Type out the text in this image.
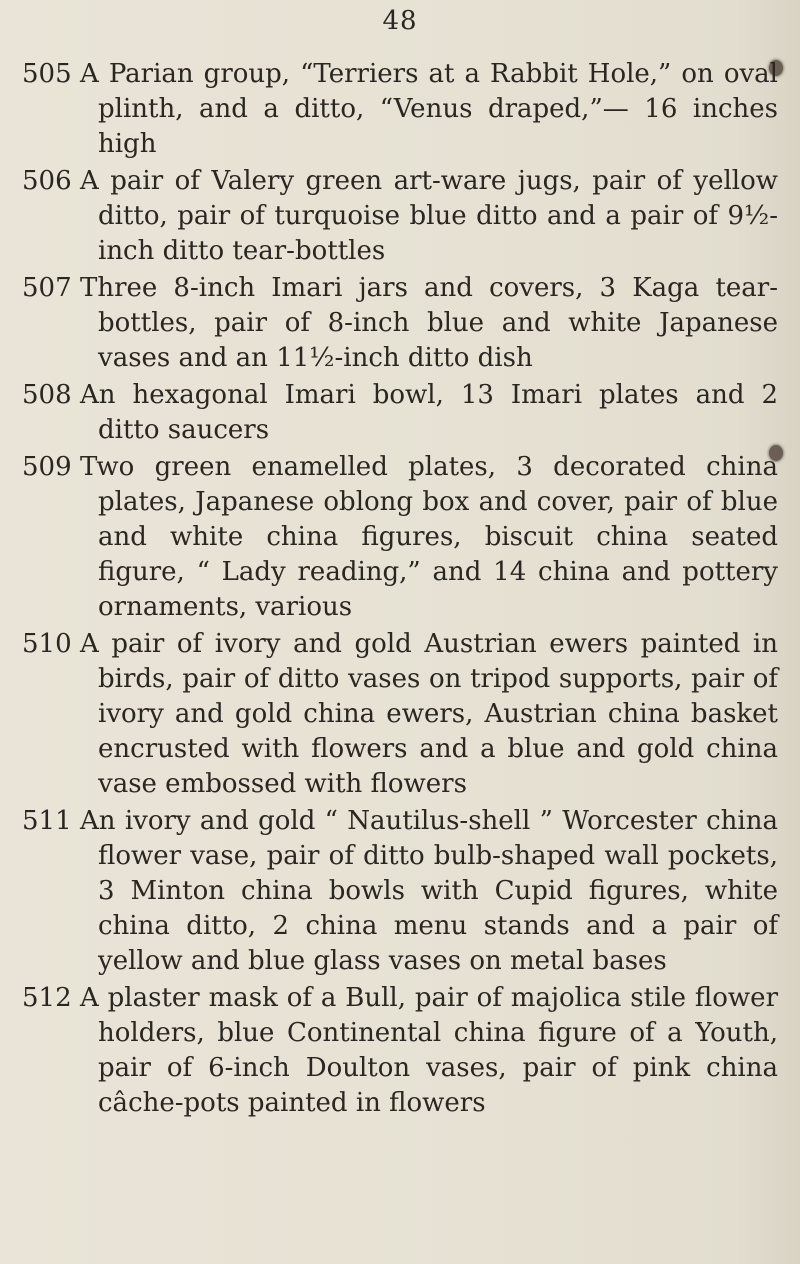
48
505 A Parian group, “Terriers at a Rabbit Hole,” on oval plinth, and a ditto, “Venus draped,”— 16 inches high
506 A pair of Valery green art-ware jugs, pair of yellow ditto, pair of turquoise blue ditto and a pair of 9½-inch ditto tear-bottles
507 Three 8-inch Imari jars and covers, 3 Kaga tear-bottles, pair of 8-inch blue and white Japanese vases and an 11½-inch ditto dish
508 An hexagonal Imari bowl, 13 Imari plates and 2 ditto saucers
509 Two green enamelled plates, 3 decorated china plates, Japanese oblong box and cover, pair of blue and white china figures, biscuit china seated figure, “ Lady reading,” and 14 china and pottery ornaments, various
510 A pair of ivory and gold Austrian ewers painted in birds, pair of ditto vases on tripod supports, pair of ivory and gold china ewers, Austrian china basket encrusted with flowers and a blue and gold china vase embossed with flowers
511 An ivory and gold “ Nautilus-shell ” Worcester china flower vase, pair of ditto bulb-shaped wall pockets, 3 Minton china bowls with Cupid figures, white china ditto, 2 china menu stands and a pair of yellow and blue glass vases on metal bases
512 A plaster mask of a Bull, pair of majolica stile flower holders, blue Continental china figure of a Youth, pair of 6-inch Doulton vases, pair of pink china câche-pots painted in flowers
